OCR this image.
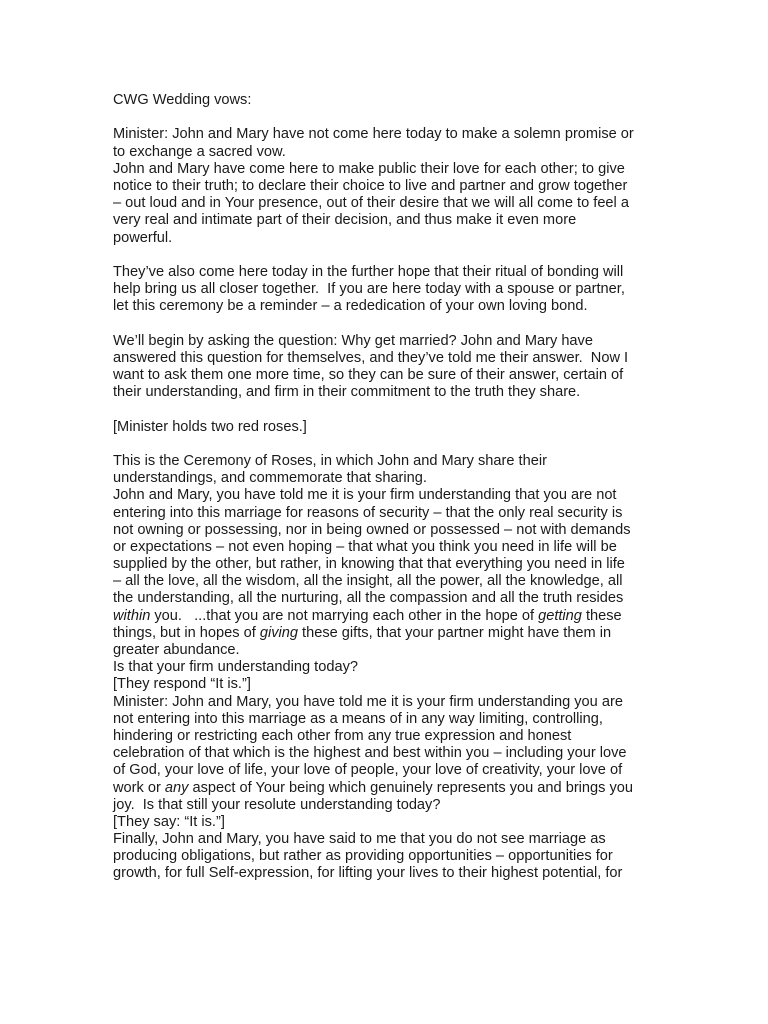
CWG Wedding vows:
Minister: John and Mary have not come here today to make a solemn promise or
to exchange a sacred vow.
John and Mary have come here to make public their love for each other; to give
notice to their truth; to declare their choice to live and partner and grow together
– out loud and in Your presence, out of their desire that we will all come to feel a
very real and intimate part of their decision, and thus make it even more
powerful.
They’ve also come here today in the further hope that their ritual of bonding will
help bring us all closer together.  If you are here today with a spouse or partner,
let this ceremony be a reminder – a rededication of your own loving bond.
We’ll begin by asking the question: Why get married? John and Mary have
answered this question for themselves, and they’ve told me their answer.  Now I
want to ask them one more time, so they can be sure of their answer, certain of
their understanding, and firm in their commitment to the truth they share.
[Minister holds two red roses.]
This is the Ceremony of Roses, in which John and Mary share their
understandings, and commemorate that sharing.
John and Mary, you have told me it is your firm understanding that you are not
entering into this marriage for reasons of security – that the only real security is
not owning or possessing, nor in being owned or possessed – not with demands
or expectations – not even hoping – that what you think you need in life will be
supplied by the other, but rather, in knowing that that everything you need in life
– all the love, all the wisdom, all the insight, all the power, all the knowledge, all
the understanding, all the nurturing, all the compassion and all the truth resides
within you.   ...that you are not marrying each other in the hope of getting these
things, but in hopes of giving these gifts, that your partner might have them in
greater abundance.
Is that your firm understanding today?
[They respond “It is.”]
Minister: John and Mary, you have told me it is your firm understanding you are
not entering into this marriage as a means of in any way limiting, controlling,
hindering or restricting each other from any true expression and honest
celebration of that which is the highest and best within you – including your love
of God, your love of life, your love of people, your love of creativity, your love of
work or any aspect of Your being which genuinely represents you and brings you
joy.  Is that still your resolute understanding today?
[They say: “It is.”]
Finally, John and Mary, you have said to me that you do not see marriage as
producing obligations, but rather as providing opportunities – opportunities for
growth, for full Self-expression, for lifting your lives to their highest potential, for
